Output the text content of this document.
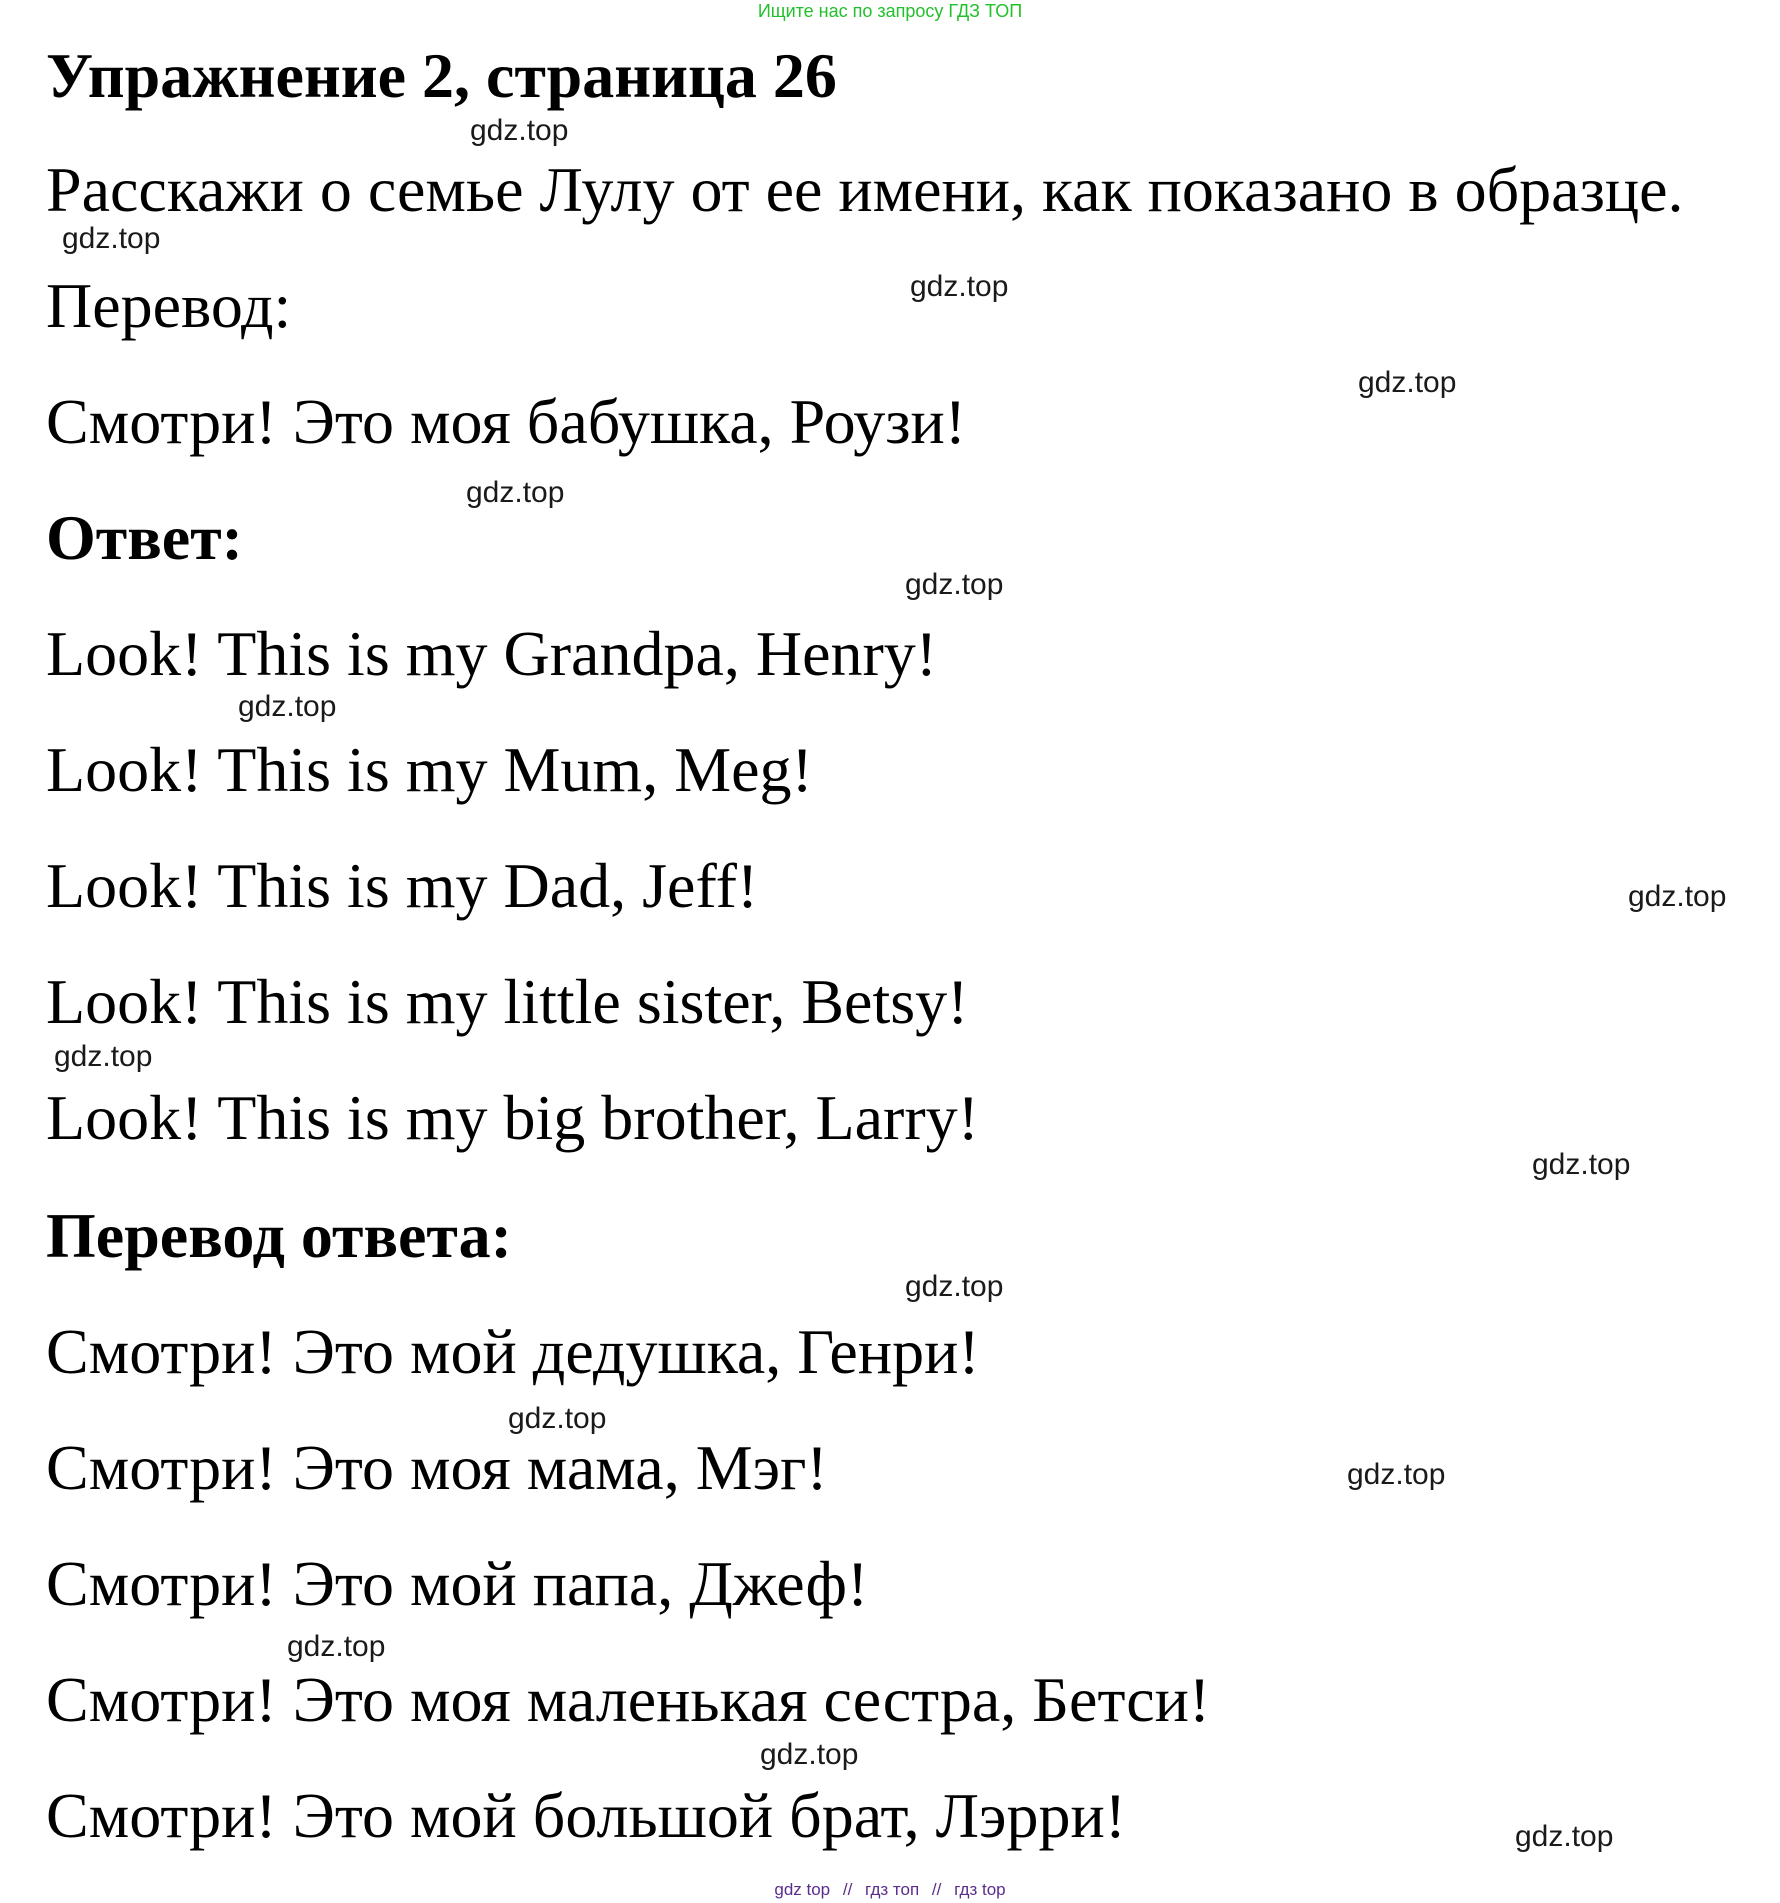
Ищите нас по запросу ГДЗ ТОП
Упражнение 2, страница 26
Расскажи о семье Лулу от ее имени, как показано в образце.
Перевод:
Смотри! Это моя бабушка, Роузи!
Ответ:
Look! This is my Grandpa, Henry!
Look! This is my Mum, Meg!
Look! This is my Dad, Jeff!
Look! This is my little sister, Betsy!
Look! This is my big brother, Larry!
Перевод ответа:
Смотри! Это мой дедушка, Генри!
Смотри! Это моя мама, Мэг!
Смотри! Это мой папа, Джеф!
Смотри! Это моя маленькая сестра, Бетси!
Смотри! Это мой большой брат, Лэрри!
gdz.top
gdz.top
gdz.top
gdz.top
gdz.top
gdz.top
gdz.top
gdz.top
gdz.top
gdz.top
gdz.top
gdz.top
gdz.top
gdz.top
gdz.top
gdz.top
gdz top // гдз топ // гдз top
